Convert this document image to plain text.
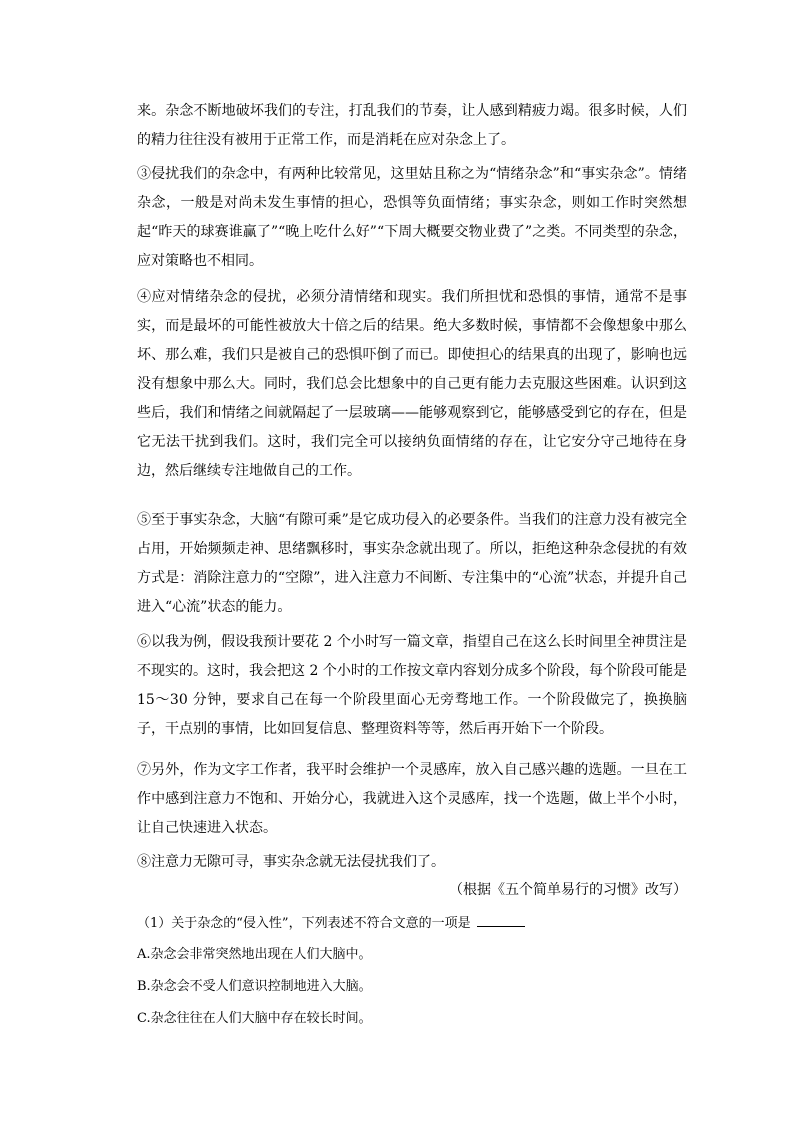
来。杂念不断地破坏我们的专注，打乱我们的节奏，让人感到精疲力竭。很多时候，人们的精力往往没有被用于正常工作，而是消耗在应对杂念上了。

③侵扰我们的杂念中，有两种比较常见，这里姑且称之为“情绪杂念”和“事实杂念”。情绪杂念，一般是对尚未发生事情的担心，恐惧等负面情绪；事实杂念，则如工作时突然想起“昨天的球赛谁赢了”“晚上吃什么好”“下周大概要交物业费了”之类。不同类型的杂念，应对策略也不相同。

④应对情绪杂念的侵扰，必须分清情绪和现实。我们所担忧和恐惧的事情，通常不是事实，而是最坏的可能性被放大十倍之后的结果。绝大多数时候，事情都不会像想象中那么坏、那么难，我们只是被自己的恐惧吓倒了而已。即使担心的结果真的出现了，影响也远没有想象中那么大。同时，我们总会比想象中的自己更有能力去克服这些困难。认识到这些后，我们和情绪之间就隔起了一层玻璃——能够观察到它，能够感受到它的存在，但是它无法干扰到我们。这时，我们完全可以接纳负面情绪的存在，让它安分守己地待在身边，然后继续专注地做自己的工作。

⑤至于事实杂念，大脑“有隙可乘”是它成功侵入的必要条件。当我们的注意力没有被完全占用，开始频频走神、思绪飘移时，事实杂念就出现了。所以，拒绝这种杂念侵扰的有效方式是：消除注意力的“空隙”，进入注意力不间断、专注集中的“心流”状态，并提升自己进入“心流”状态的能力。

⑥以我为例，假设我预计要花 2 个小时写一篇文章，指望自己在这么长时间里全神贯注是不现实的。这时，我会把这 2 个小时的工作按文章内容划分成多个阶段，每个阶段可能是 15～30 分钟，要求自己在每一个阶段里面心无旁骛地工作。一个阶段做完了，换换脑子，干点别的事情，比如回复信息、整理资料等等，然后再开始下一个阶段。

⑦另外，作为文字工作者，我平时会维护一个灵感库，放入自己感兴趣的选题。一旦在工作中感到注意力不饱和、开始分心，我就进入这个灵感库，找一个选题，做上半个小时，让自己快速进入状态。

⑧注意力无隙可寻，事实杂念就无法侵扰我们了。

（根据《五个简单易行的习惯》改写）
（1）关于杂念的“侵入性”，下列表述不符合文意的一项是
A.杂念会非常突然地出现在人们大脑中。
B.杂念会不受人们意识控制地进入大脑。
C.杂念往往在人们大脑中存在较长时间。
